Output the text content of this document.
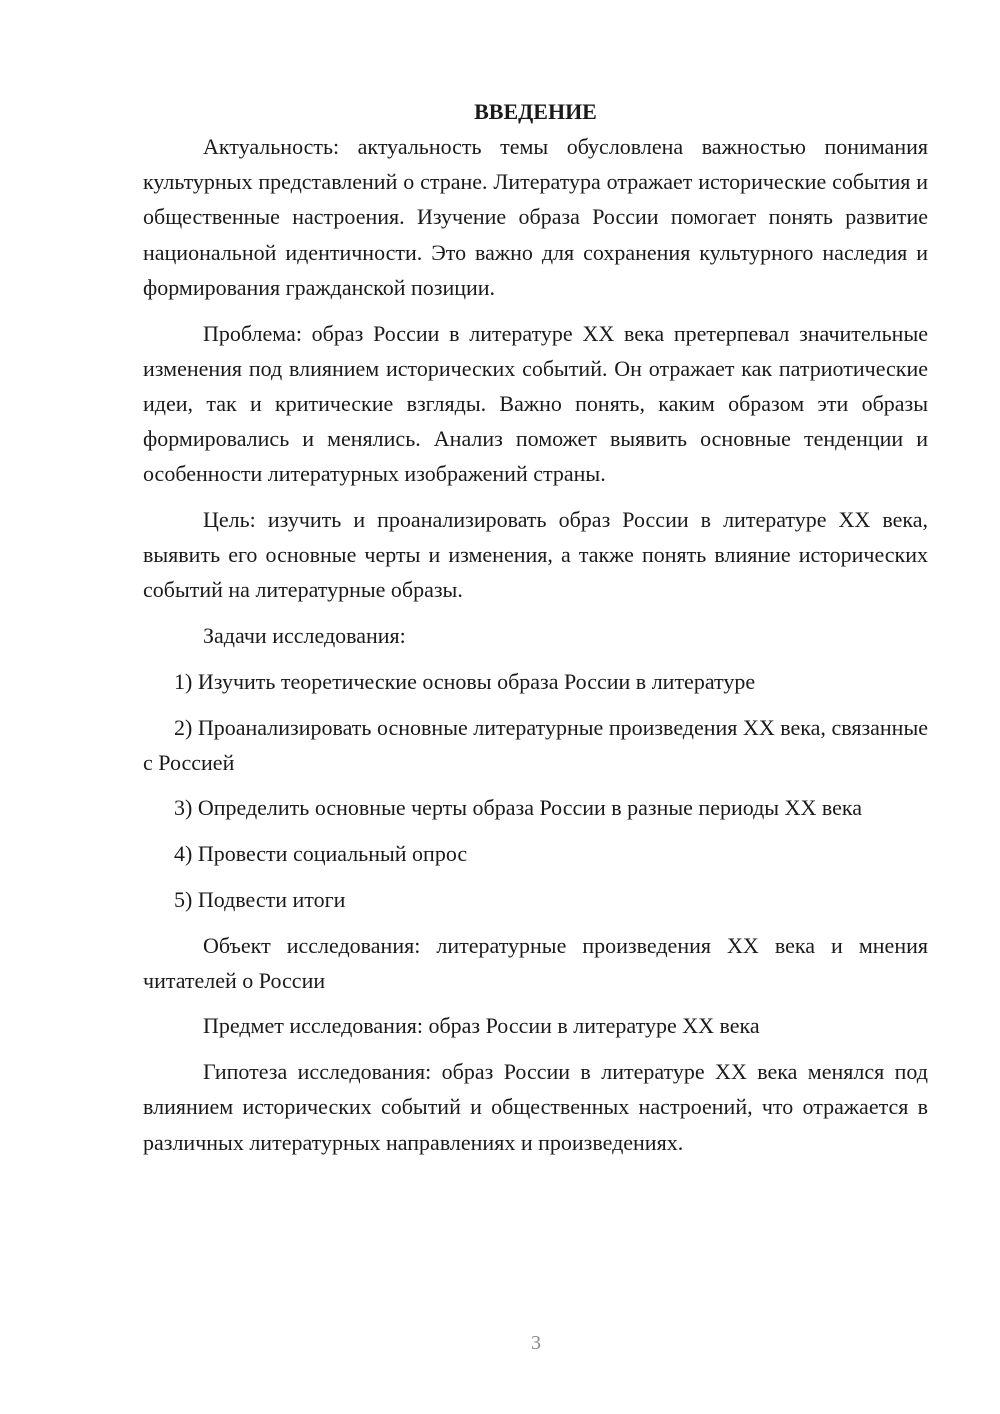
ВВЕДЕНИЕ

Актуальность: актуальность темы обусловлена важностью понимания культурных представлений о стране. Литература отражает исторические события и общественные настроения. Изучение образа России помогает понять развитие национальной идентичности. Это важно для сохранения культурного наследия и формирования гражданской позиции.

Проблема: образ России в литературе XX века претерпевал значительные изменения под влиянием исторических событий. Он отражает как патриотические идеи, так и критические взгляды. Важно понять, каким образом эти образы формировались и менялись. Анализ поможет выявить основные тенденции и особенности литературных изображений страны.

Цель: изучить и проанализировать образ России в литературе XX века, выявить его основные черты и изменения, а также понять влияние исторических событий на литературные образы.

Задачи исследования:

1) Изучить теоретические основы образа России в литературе

2) Проанализировать основные литературные произведения XX века, связанные с Россией

3) Определить основные черты образа России в разные периоды XX века

4) Провести социальный опрос

5) Подвести итоги

Объект исследования: литературные произведения XX века и мнения читателей о России

Предмет исследования: образ России в литературе XX века

Гипотеза исследования: образ России в литературе XX века менялся под влиянием исторических событий и общественных настроений, что отражается в различных литературных направлениях и произведениях.

3
